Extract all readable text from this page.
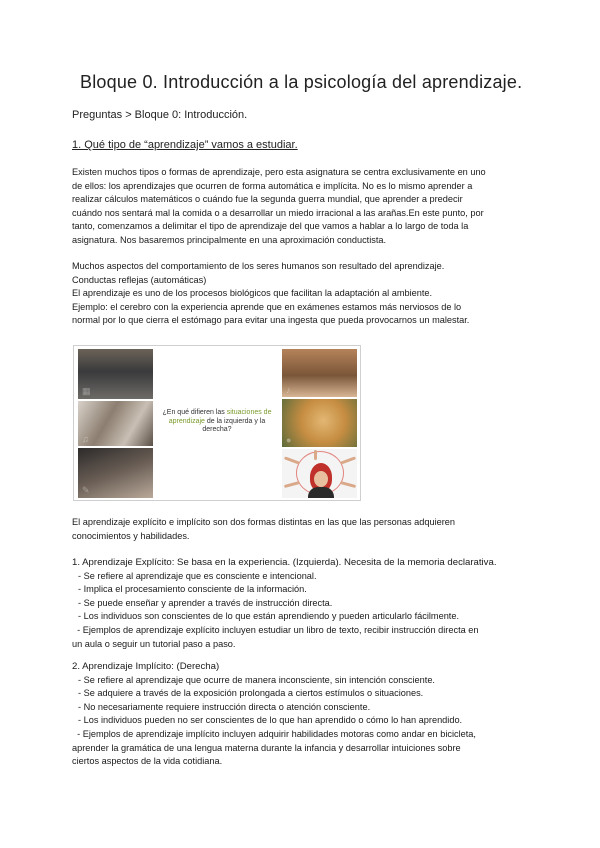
Bloque 0. Introducción a la psicología del aprendizaje.
Preguntas > Bloque 0: Introducción.
1. Qué tipo de “aprendizaje” vamos a estudiar.
Existen muchos tipos o formas de aprendizaje, pero esta asignatura se centra exclusivamente en uno
de ellos: los aprendizajes que ocurren de forma automática e implícita. No es lo mismo aprender a
realizar cálculos matemáticos o cuándo fue la segunda guerra mundial, que aprender a predecir
cuándo nos sentará mal la comida o a desarrollar un miedo irracional a las arañas.En este punto, por
tanto, comenzamos a delimitar el tipo de aprendizaje del que vamos a hablar a lo largo de toda la
asignatura. Nos basaremos principalmente en una aproximación conductista.
Muchos aspectos del comportamiento de los seres humanos son resultado del aprendizaje.
Conductas reflejas (automáticas)
El aprendizaje es uno de los procesos biológicos que facilitan la adaptación al ambiente.
Ejemplo: el cerebro con la experiencia aprende que en exámenes estamos más nerviosos de lo
normal por lo que cierra el estómago para evitar una ingesta que pueda provocarnos un malestar.
▦
♫
✎
♪
●
¿En qué difieren las situaciones de aprendizaje de la izquierda y la derecha?
El aprendizaje explícito e implícito son dos formas distintas en las que las personas adquieren
conocimientos y habilidades.
1. Aprendizaje Explícito: Se basa en la experiencia. (Izquierda). Necesita de la memoria declarativa.
- Se refiere al aprendizaje que es consciente e intencional.
- Implica el procesamiento consciente de la información.
- Se puede enseñar y aprender a través de instrucción directa.
- Los individuos son conscientes de lo que están aprendiendo y pueden articularlo fácilmente.
- Ejemplos de aprendizaje explícito incluyen estudiar un libro de texto, recibir instrucción directa en
un aula o seguir un tutorial paso a paso.
2. Aprendizaje Implícito: (Derecha)
- Se refiere al aprendizaje que ocurre de manera inconsciente, sin intención consciente.
- Se adquiere a través de la exposición prolongada a ciertos estímulos o situaciones.
- No necesariamente requiere instrucción directa o atención consciente.
- Los individuos pueden no ser conscientes de lo que han aprendido o cómo lo han aprendido.
- Ejemplos de aprendizaje implícito incluyen adquirir habilidades motoras como andar en bicicleta,
aprender la gramática de una lengua materna durante la infancia y desarrollar intuiciones sobre
ciertos aspectos de la vida cotidiana.
